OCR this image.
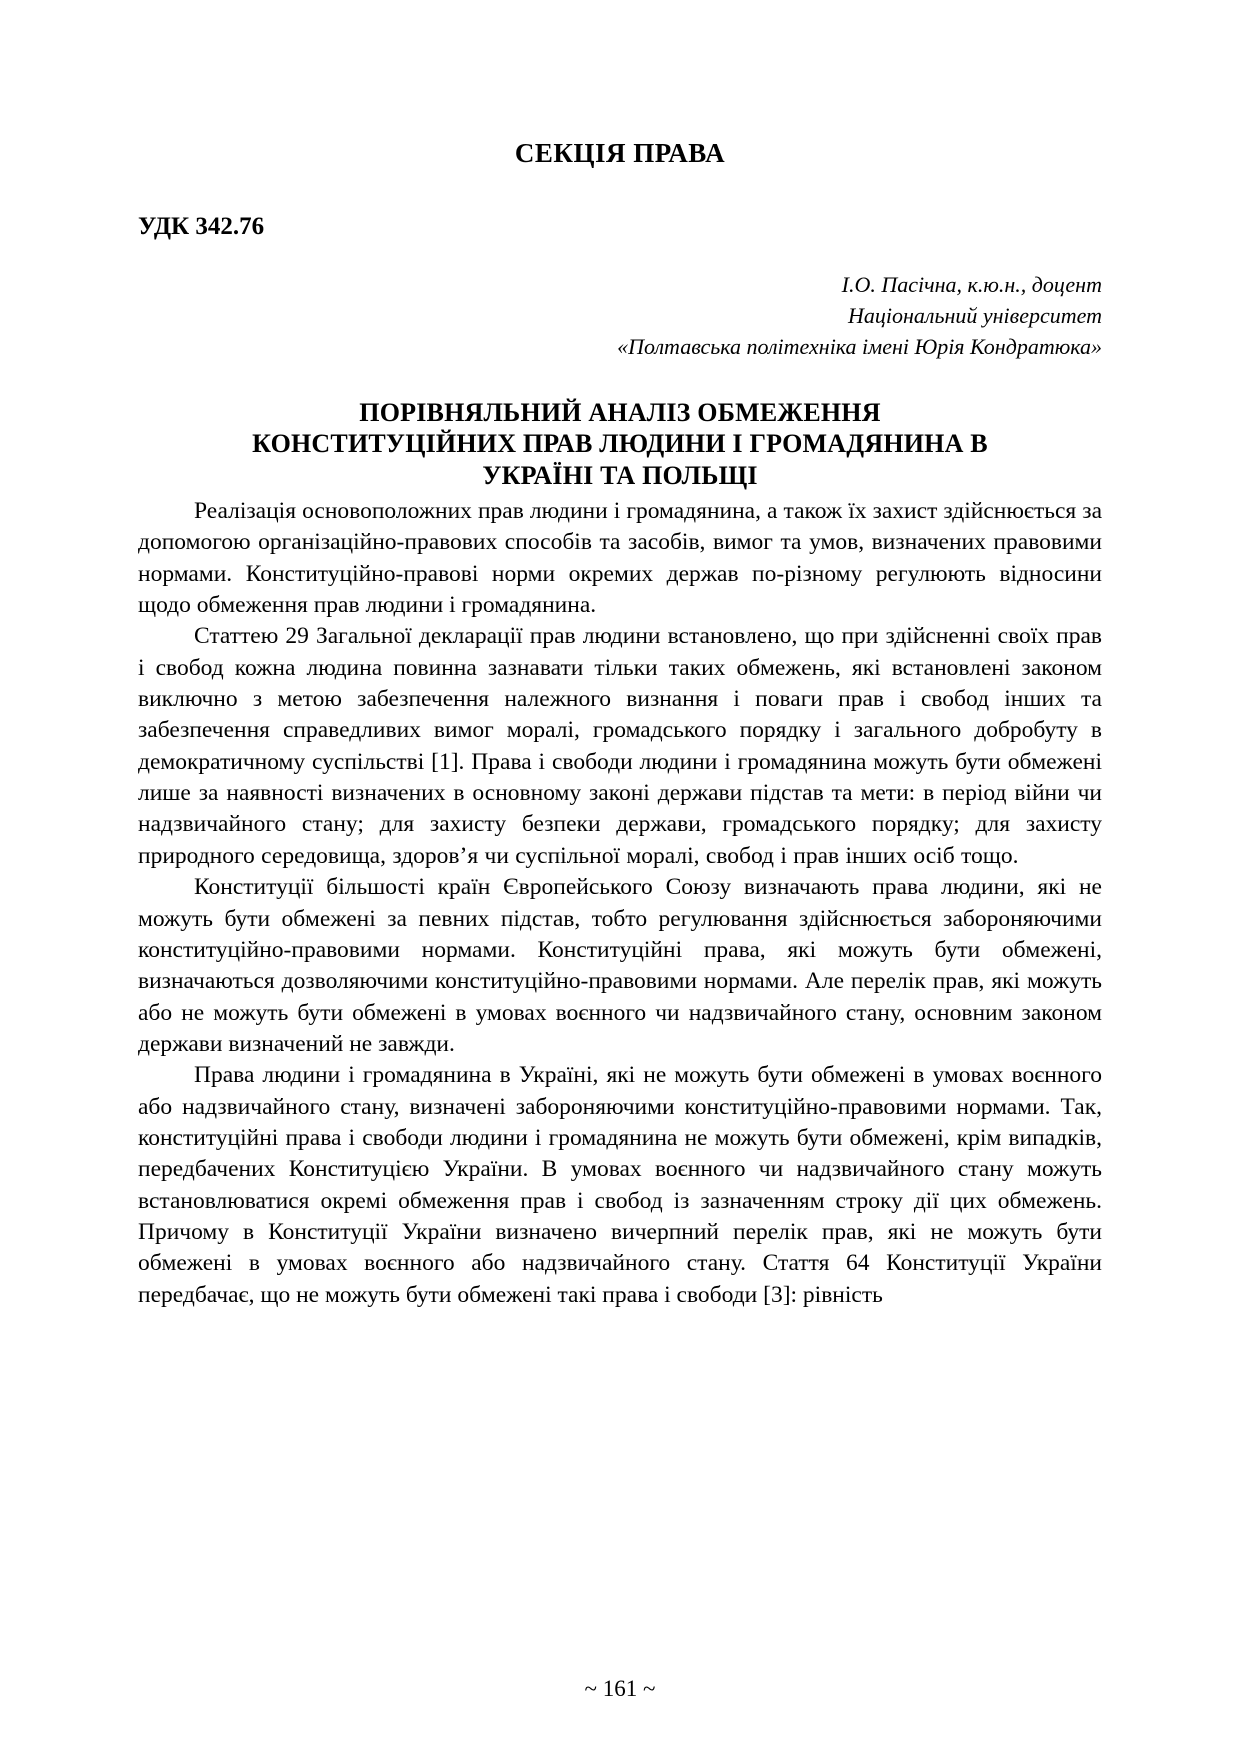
СЕКЦІЯ ПРАВА
УДК 342.76
І.О. Пасічна, к.ю.н., доцент
Національний університет
«Полтавська політехніка імені Юрія Кондратюка»
ПОРІВНЯЛЬНИЙ АНАЛІЗ ОБМЕЖЕННЯ
КОНСТИТУЦІЙНИХ ПРАВ ЛЮДИНИ І ГРОМАДЯНИНА В
УКРАЇНІ ТА ПОЛЬЩІ

Реалізація основоположних прав людини і громадянина, а також їх захист здійснюється за допомогою організаційно-правових способів та засобів, вимог та умов, визначених правовими нормами. Конституційно-правові норми окремих держав по-різному регулюють відносини щодо обмеження прав людини і громадянина.

Статтею 29 Загальної декларації прав людини встановлено, що при здійсненні своїх прав і свобод кожна людина повинна зазнавати тільки таких обмежень, які встановлені законом виключно з метою забезпечення належного визнання і поваги прав і свобод інших та забезпечення справедливих вимог моралі, громадського порядку і загального добробуту в демократичному суспільстві [1]. Права і свободи людини і громадянина можуть бути обмежені лише за наявності визначених в основному законі держави підстав та мети: в період війни чи надзвичайного стану; для захисту безпеки держави, громадського порядку; для захисту природного середовища, здоров’я чи суспільної моралі, свобод і прав інших осіб тощо.

Конституції більшості країн Європейського Союзу визначають права людини, які не можуть бути обмежені за певних підстав, тобто регулювання здійснюється забороняючими конституційно-правовими нормами. Конституційні права, які можуть бути обмежені, визначаються дозволяючими конституційно-правовими нормами. Але перелік прав, які можуть або не можуть бути обмежені в умовах воєнного чи надзвичайного стану, основним законом держави визначений не завжди.

Права людини і громадянина в Україні, які не можуть бути обмежені в умовах воєнного або надзвичайного стану, визначені забороняючими конституційно-правовими нормами. Так, конституційні права і свободи людини і громадянина не можуть бути обмежені, крім випадків, передбачених Конституцією України. В умовах воєнного чи надзвичайного стану можуть встановлюватися окремі обмеження прав і свобод із зазначенням строку дії цих обмежень. Причому в Конституції України визначено вичерпний перелік прав, які не можуть бути обмежені в умовах воєнного або надзвичайного стану. Стаття 64 Конституції України передбачає, що не можуть бути обмежені такі права і свободи [3]: рівність

~ 161 ~
